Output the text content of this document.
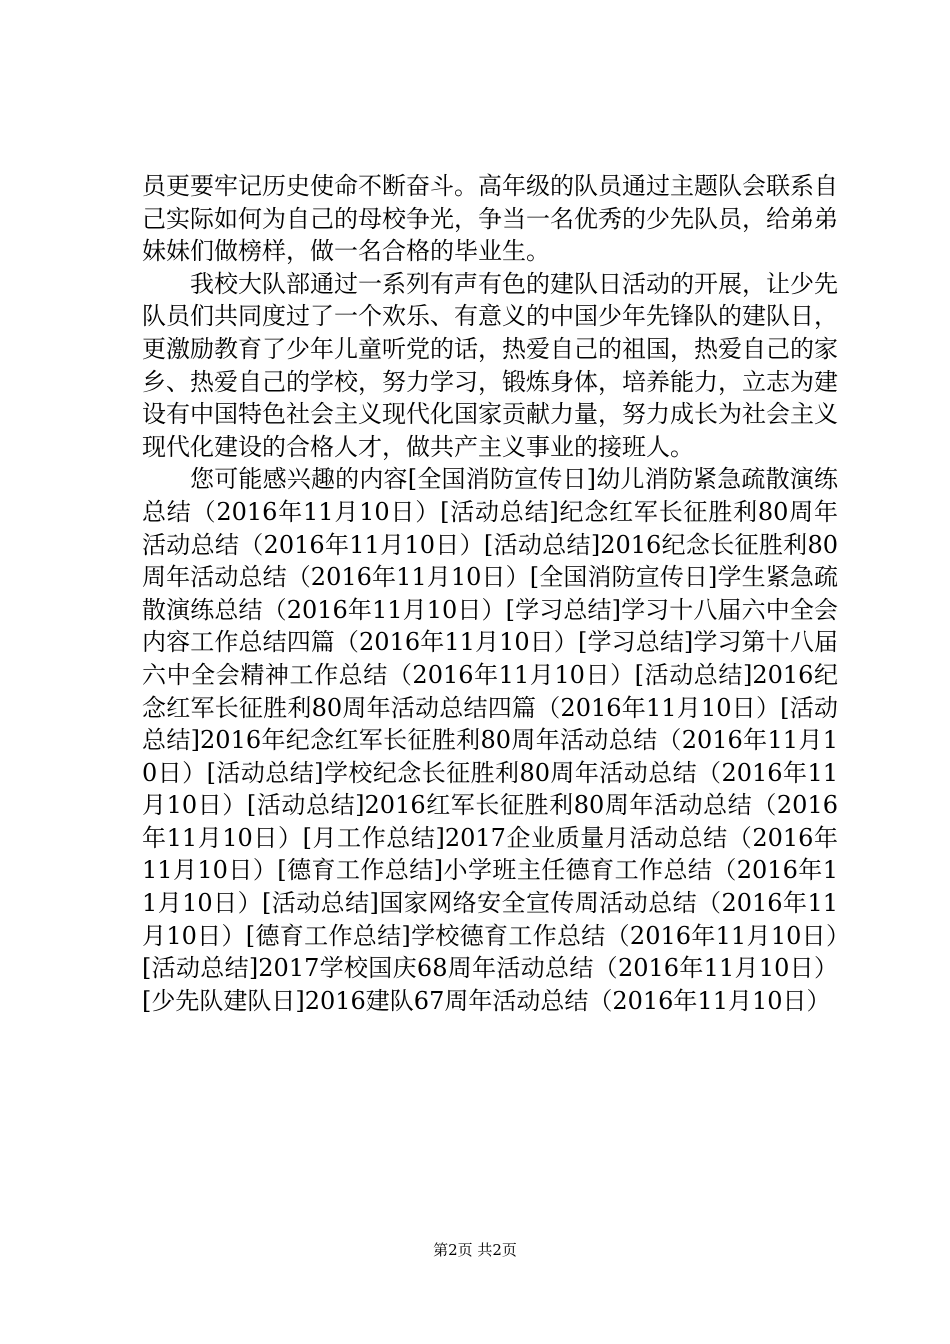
员更要牢记历史使命不断奋斗。高年级的队员通过主题队会联系自己实际如何为自己的母校争光，争当一名优秀的少先队员，给弟弟妹妹们做榜样，做一名合格的毕业生。

我校大队部通过一系列有声有色的建队日活动的开展，让少先队员们共同度过了一个欢乐、有意义的中国少年先锋队的建队日，更激励教育了少年儿童听党的话，热爱自己的祖国，热爱自己的家乡、热爱自己的学校，努力学习，锻炼身体，培养能力，立志为建设有中国特色社会主义现代化国家贡献力量，努力成长为社会主义现代化建设的合格人才，做共产主义事业的接班人。

您可能感兴趣的内容[全国消防宣传日]幼儿消防紧急疏散演练总结（2016年11月10日）[活动总结]纪念红军长征胜利80周年活动总结（2016年11月10日）[活动总结]2016纪念长征胜利80周年活动总结（2016年11月10日）[全国消防宣传日]学生紧急疏散演练总结（2016年11月10日）[学习总结]学习十八届六中全会内容工作总结四篇（2016年11月10日）[学习总结]学习第十八届六中全会精神工作总结（2016年11月10日）[活动总结]2016纪念红军长征胜利80周年活动总结四篇（2016年11月10日）[活动总结]2016年纪念红军长征胜利80周年活动总结（2016年11月10日）[活动总结]学校纪念长征胜利80周年活动总结（2016年11月10日）[活动总结]2016红军长征胜利80周年活动总结（2016年11月10日）[月工作总结]2017企业质量月活动总结（2016年11月10日）[德育工作总结]小学班主任德育工作总结（2016年11月10日）[活动总结]国家网络安全宣传周活动总结（2016年11月10日）[德育工作总结]学校德育工作总结（2016年11月10日）[活动总结]2017学校国庆68周年活动总结（2016年11月10日）[少先队建队日]2016建队67周年活动总结（2016年11月10日）

第2页 共2页
